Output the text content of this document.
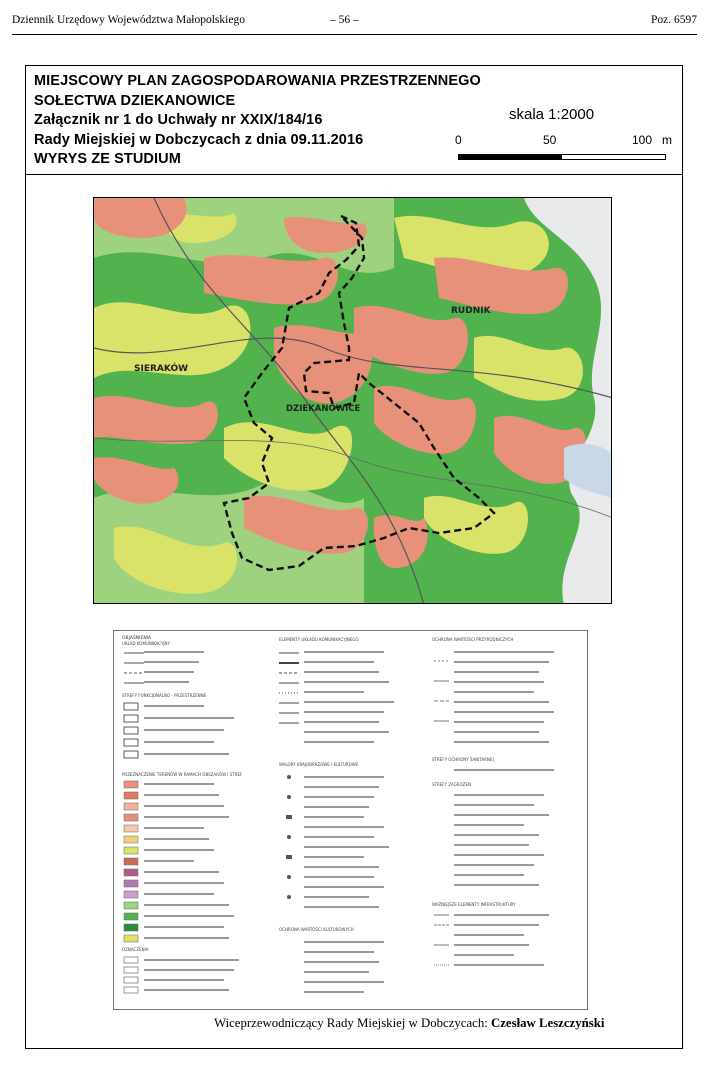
Dziennik Urzędowy Województwa Małopolskiego	– 56 –	Poz. 6597
MIEJSCOWY PLAN ZAGOSPODAROWANIA PRZESTRZENNEGO
SOŁECTWA DZIEKANOWICE
Załącznik nr 1 do Uchwały nr XXIX/184/16
Rady Miejskiej w Dobczycach z dnia 09.11.2016
WYRYS ZE STUDIUM
skala 1:2000
0	50	100 m
RUDNIK
SIERAKÓW
DZIEKANOWICE
OBJAŚNIENIA
UKŁAD KOMUNIKACYJNY
STREFY FUNKCJONALNO - PRZESTRZENNE
PRZEZNACZENIE TERENÓW W RAMACH OBSZARÓW I STREF
OZNACZENIA
ELEMENTY UKŁADU KOMUNIKACYJNEGO
WALORY KRAJOBRAZOWE I KULTUROWE
OCHRONA WARTOŚCI KULTUROWYCH
OCHRONA WARTOŚCI PRZYRODNICZYCH
STREFY OCHRONY SANITARNEJ
STREFY ZAGROŻEŃ
WAŻNIEJSZE ELEMENTY INFRASTRUKTURY
Wiceprzewodniczący Rady Miejskiej w Dobczycach: Czesław Leszczyński
